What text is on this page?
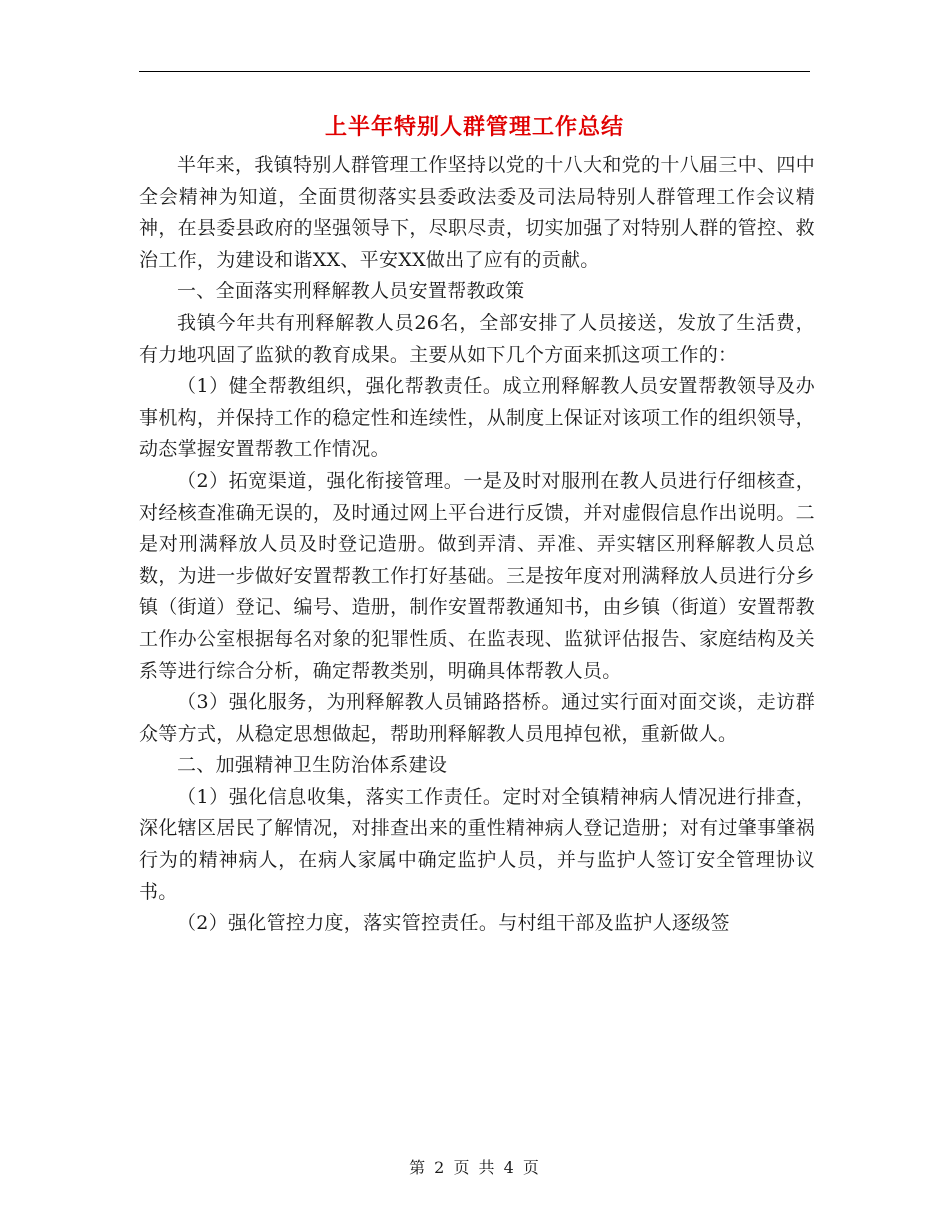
上半年特别人群管理工作总结

半年来，我镇特别人群管理工作坚持以党的十八大和党的十八届三中、四中全会精神为知道，全面贯彻落实县委政法委及司法局特别人群管理工作会议精神，在县委县政府的坚强领导下，尽职尽责，切实加强了对特别人群的管控、救治工作，为建设和谐XX、平安XX做出了应有的贡献。

一、全面落实刑释解教人员安置帮教政策

我镇今年共有刑释解教人员26名，全部安排了人员接送，发放了生活费，有力地巩固了监狱的教育成果。主要从如下几个方面来抓这项工作的：

（1）健全帮教组织，强化帮教责任。成立刑释解教人员安置帮教领导及办事机构，并保持工作的稳定性和连续性，从制度上保证对该项工作的组织领导，动态掌握安置帮教工作情况。

（2）拓宽渠道，强化衔接管理。一是及时对服刑在教人员进行仔细核查，对经核查准确无误的，及时通过网上平台进行反馈，并对虚假信息作出说明。二是对刑满释放人员及时登记造册。做到弄清、弄准、弄实辖区刑释解教人员总数，为进一步做好安置帮教工作打好基础。三是按年度对刑满释放人员进行分乡镇（街道）登记、编号、造册，制作安置帮教通知书，由乡镇（街道）安置帮教工作办公室根据每名对象的犯罪性质、在监表现、监狱评估报告、家庭结构及关系等进行综合分析，确定帮教类别，明确具体帮教人员。

（3）强化服务，为刑释解教人员铺路搭桥。通过实行面对面交谈，走访群众等方式，从稳定思想做起，帮助刑释解教人员甩掉包袱，重新做人。

二、加强精神卫生防治体系建设

（1）强化信息收集，落实工作责任。定时对全镇精神病人情况进行排查，深化辖区居民了解情况，对排查出来的重性精神病人登记造册；对有过肇事肇祸行为的精神病人，在病人家属中确定监护人员，并与监护人签订安全管理协议书。

（2）强化管控力度，落实管控责任。与村组干部及监护人逐级签

第 2 页 共 4 页
